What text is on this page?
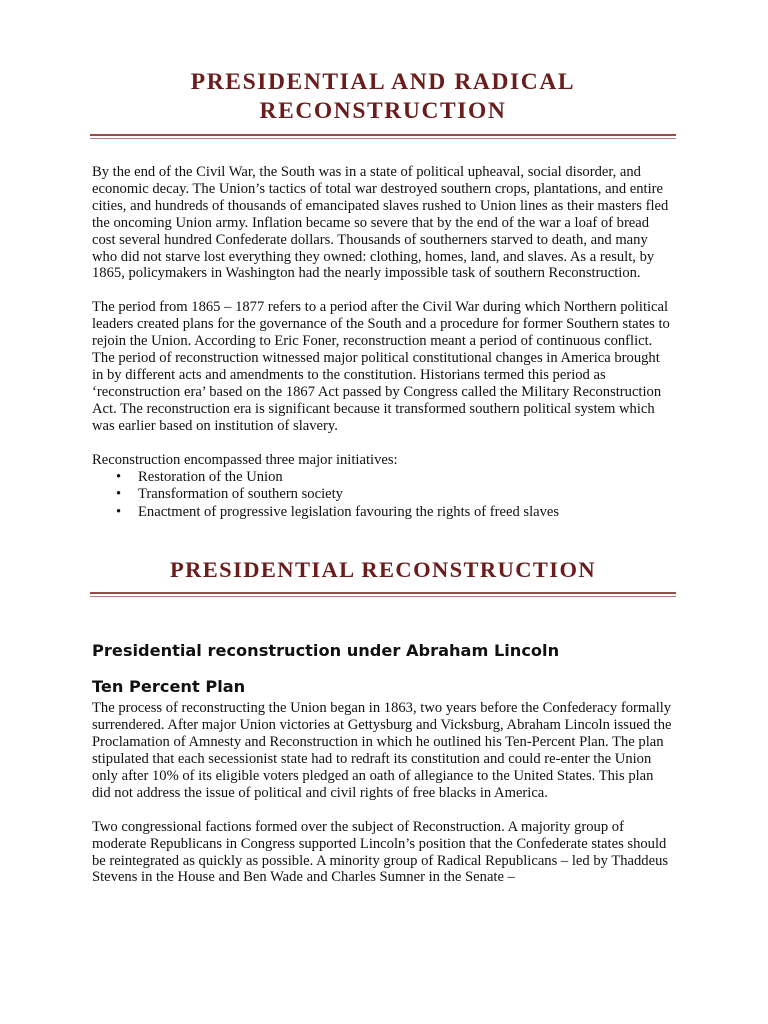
PRESIDENTIAL AND RADICAL
RECONSTRUCTION

By the end of the Civil War, the South was in a state of political upheaval, social disorder, and economic decay. The Union’s tactics of total war destroyed southern crops, plantations, and entire cities, and hundreds of thousands of emancipated slaves rushed to Union lines as their masters fled the oncoming Union army. Inflation became so severe that by the end of the war a loaf of bread cost several hundred Confederate dollars. Thousands of southerners starved to death, and many who did not starve lost everything they owned: clothing, homes, land, and slaves. As a result, by 1865, policymakers in Washington had the nearly impossible task of southern Reconstruction.

The period from 1865 – 1877 refers to a period after the Civil War during which Northern political leaders created plans for the governance of the South and a procedure for former Southern states to rejoin the Union. According to Eric Foner, reconstruction meant a period of continuous conflict. The period of reconstruction witnessed major political constitutional changes in America brought in by different acts and amendments to the constitution. Historians termed this period as ‘reconstruction era’ based on the 1867 Act passed by Congress called the Military Reconstruction Act. The reconstruction era is significant because it transformed southern political system which was earlier based on institution of slavery.

Reconstruction encompassed three major initiatives:

• Restoration of the Union
• Transformation of southern society
• Enactment of progressive legislation favouring the rights of freed slaves
PRESIDENTIAL RECONSTRUCTION
Presidential reconstruction under Abraham Lincoln
Ten Percent Plan

The process of reconstructing the Union began in 1863, two years before the Confederacy formally surrendered. After major Union victories at Gettysburg and Vicksburg, Abraham Lincoln issued the Proclamation of Amnesty and Reconstruction in which he outlined his Ten-Percent Plan. The plan stipulated that each secessionist state had to redraft its constitution and could re-enter the Union only after 10% of its eligible voters pledged an oath of allegiance to the United States. This plan did not address the issue of political and civil rights of free blacks in America.

Two congressional factions formed over the subject of Reconstruction. A majority group of moderate Republicans in Congress supported Lincoln’s position that the Confederate states should be reintegrated as quickly as possible. A minority group of Radical Republicans – led by Thaddeus Stevens in the House and Ben Wade and Charles Sumner in the Senate –
